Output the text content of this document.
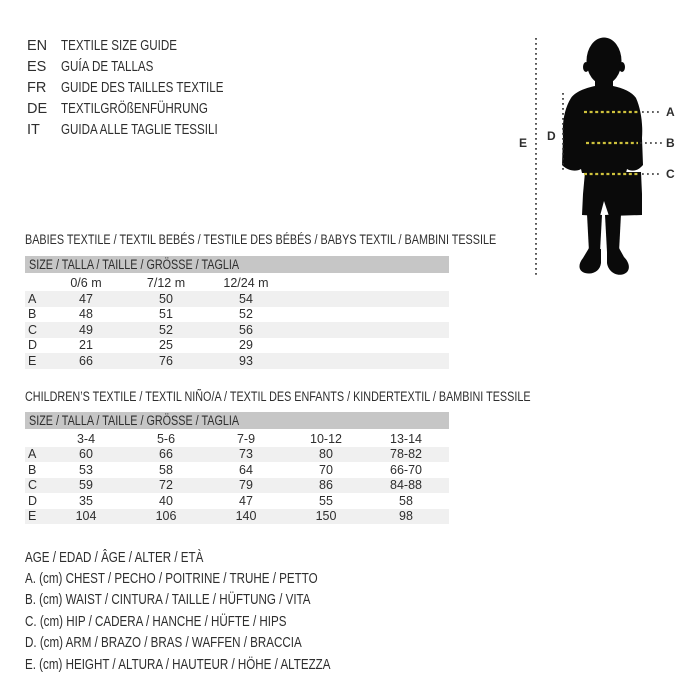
EN TEXTILE SIZE GUIDE
ES	GUÍA DE TALLAS
FR	GUIDE DES TAILLES TEXTILE
DE TEXTILGRÖßENFÜHRUNG
IT	GUIDA ALLE TAGLIE TESSILI
E D
A
B
C
BABIES TEXTILE / TEXTIL BEBÉS / TESTILE DES BÉBÉS / BABYS TEXTIL / BAMBINI TESSILE
SIZE / TALLA / TAILLE / GRÖSSE / TAGLIA
0/6 m	7/12 m	12/24 m
A	47	50	54
B	48	51	52
C	49	52	56
D	21	25	29
E	66	76	93
CHILDREN’S TEXTILE / TEXTIL NIÑO/A / TEXTIL DES ENFANTS / KINDERTEXTIL / BAMBINI TESSILE
SIZE / TALLA / TAILLE / GRÖSSE / TAGLIA
3-4	5-6	7-9	10-12	13-14
A	60	66	73	80	78-82
B	53	58	64	70	66-70
C	59	72	79	86	84-88
D	35	40	47	55	58
E	104	106	140	150	98
AGE / EDAD / ÂGE / ALTER / ETÀ
A. (cm) CHEST / PECHO / POITRINE / TRUHE / PETTO
B. (cm) WAIST / CINTURA / TAILLE / HÜFTUNG / VITA
C. (cm) HIP / CADERA / HANCHE / HÜFTE / HIPS
D. (cm) ARM / BRAZO / BRAS / WAFFEN / BRACCIA
E. (cm) HEIGHT / ALTURA / HAUTEUR / HÖHE / ALTEZZA
